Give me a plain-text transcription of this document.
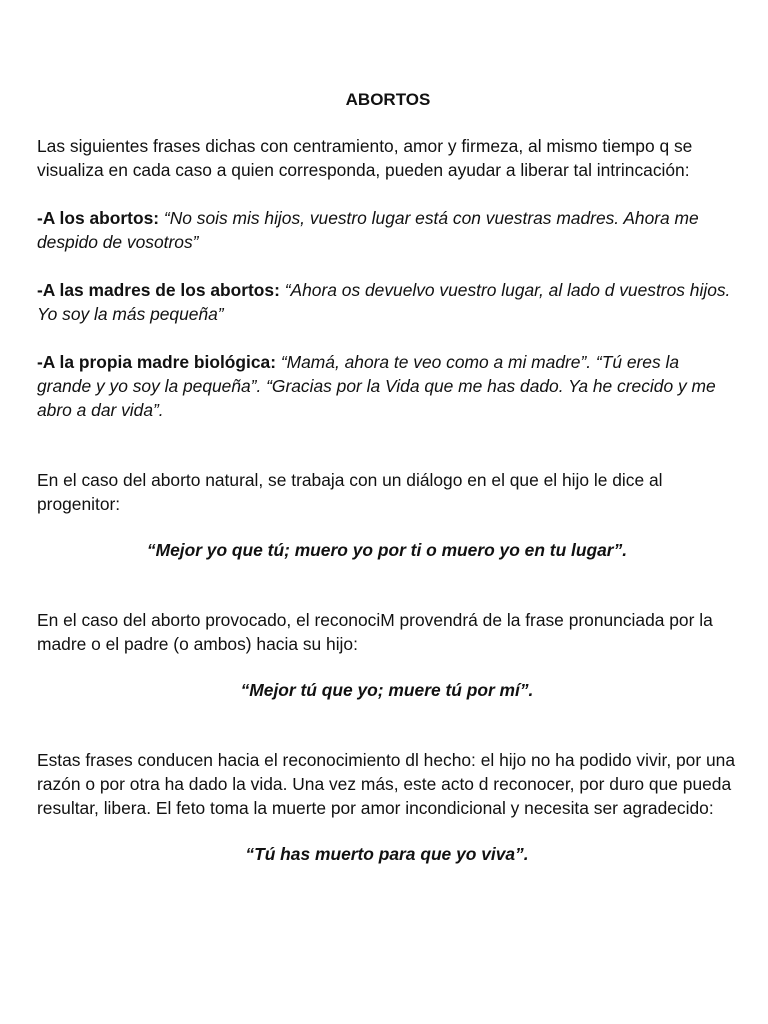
ABORTOS

Las siguientes frases dichas con centramiento, amor y firmeza, al mismo tiempo q se visualiza en cada caso a quien corresponda, pueden ayudar a liberar tal intrincación:

-A los abortos: “No sois mis hijos, vuestro lugar está con vuestras madres. Ahora me despido de vosotros”

-A las madres de los abortos: “Ahora os devuelvo vuestro lugar, al lado d vuestros hijos. Yo soy la más pequeña”

-A la propia madre biológica: “Mamá, ahora te veo como a mi madre”. “Tú eres la grande y yo soy la pequeña”. “Gracias por la Vida que me has dado. Ya he crecido y me abro a dar vida”.

En el caso del aborto natural, se trabaja con un diálogo en el que el hijo le dice al progenitor:

“Mejor yo que tú; muero yo por ti o muero yo en tu lugar”.

En el caso del aborto provocado, el reconociM provendrá de la frase pronunciada por la madre o el padre (o ambos) hacia su hijo:

“Mejor tú que yo; muere tú por mí”.

Estas frases conducen hacia el reconocimiento dl hecho: el hijo no ha podido vivir, por una razón o por otra ha dado la vida. Una vez más, este acto d reconocer, por duro que pueda resultar, libera. El feto toma la muerte por amor incondicional y necesita ser agradecido:

“Tú has muerto para que yo viva”.
